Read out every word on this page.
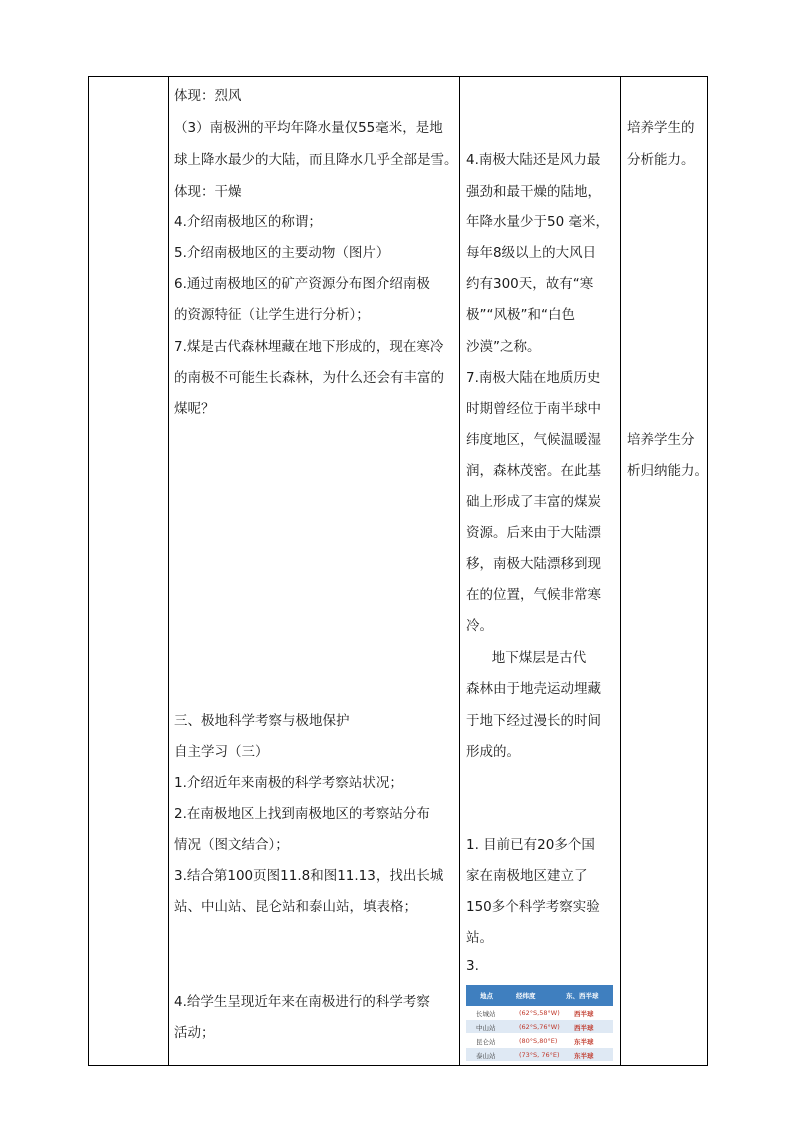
体现：烈风
（3）南极洲的平均年降水量仅55毫米，是地
球上降水最少的大陆，而且降水几乎全部是雪。
体现：干燥
4.介绍南极地区的称谓；
5.介绍南极地区的主要动物（图片）
6.通过南极地区的矿产资源分布图介绍南极
的资源特征（让学生进行分析）；
7.煤是古代森林埋藏在地下形成的，现在寒冷
的南极不可能生长森林，为什么还会有丰富的
煤呢？
三、极地科学考察与极地保护
自主学习（三）
1.介绍近年来南极的科学考察站状况；
2.在南极地区上找到南极地区的考察站分布
情况（图文结合）；
3.结合第100页图11.8和图11.13，找出长城
站、中山站、昆仑站和泰山站，填表格；
4.给学生呈现近年来在南极进行的科学考察
活动；
4.南极大陆还是风力最
强劲和最干燥的陆地，
年降水量少于50 毫米，
每年8级以上的大风日
约有300天，故有“寒
极”“风极”和“白色
沙漠”之称。
7.南极大陆在地质历史
时期曾经位于南半球中
纬度地区，气候温暖湿
润，森林茂密。在此基
础上形成了丰富的煤炭
资源。后来由于大陆漂
移，南极大陆漂移到现
在的位置，气候非常寒
冷。
地下煤层是古代
森林由于地壳运动埋藏
于地下经过漫长的时间
形成的。
1. 目前已有20多个国
家在南极地区建立了
150多个科学考察实验
站。
3.
培养学生的
分析能力。
培养学生分
析归纳能力。
地点	经纬度	东、西半球
长城站	(62°S,58°W) 西半球
中山站	(62°S,76°W) 西半球
昆仑站	(80°S,80°E)	东半球
泰山站	(73°S, 76°E) 东半球
